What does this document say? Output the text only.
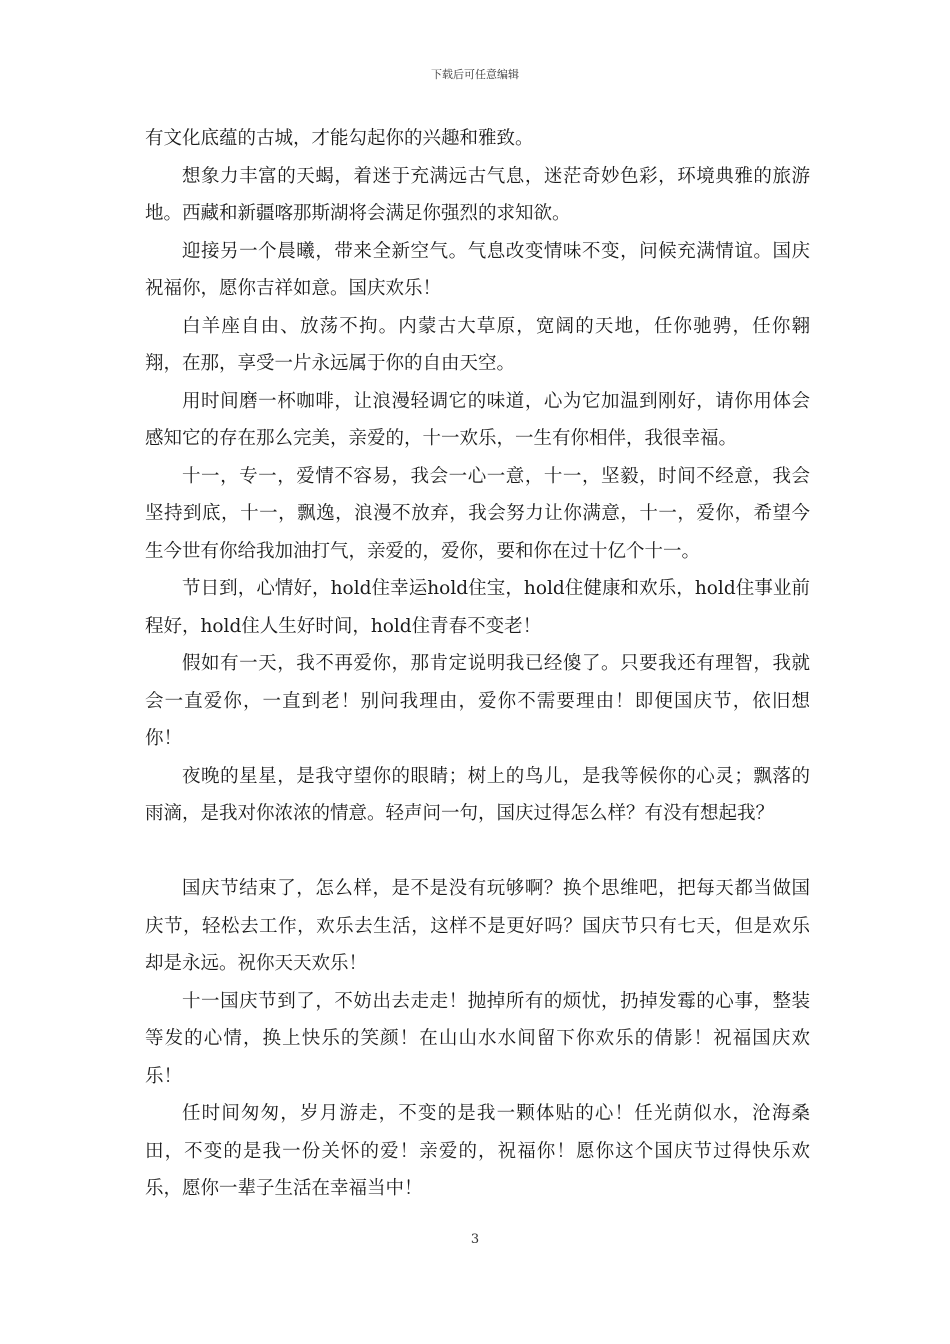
下载后可任意编辑

有文化底蕴的古城，才能勾起你的兴趣和雅致。

想象力丰富的天蝎，着迷于充满远古气息，迷茫奇妙色彩，环境典雅的旅游地。西藏和新疆喀那斯湖将会满足你强烈的求知欲。

迎接另一个晨曦，带来全新空气。气息改变情味不变，问候充满情谊。国庆祝福你，愿你吉祥如意。国庆欢乐！

白羊座自由、放荡不拘。内蒙古大草原，宽阔的天地，任你驰骋，任你翱翔，在那，享受一片永远属于你的自由天空。

用时间磨一杯咖啡，让浪漫轻调它的味道，心为它加温到刚好，请你用体会感知它的存在那么完美，亲爱的，十一欢乐，一生有你相伴，我很幸福。

十一，专一，爱情不容易，我会一心一意，十一，坚毅，时间不经意，我会坚持到底，十一，飘逸，浪漫不放弃，我会努力让你满意，十一，爱你，希望今生今世有你给我加油打气，亲爱的，爱你，要和你在过十亿个十一。

节日到，心情好，hold住幸运hold住宝，hold住健康和欢乐，hold住事业前程好，hold住人生好时间，hold住青春不变老！

假如有一天，我不再爱你，那肯定说明我已经傻了。只要我还有理智，我就会一直爱你，一直到老！别问我理由，爱你不需要理由！即便国庆节，依旧想你！

夜晚的星星，是我守望你的眼睛；树上的鸟儿，是我等候你的心灵；飘落的雨滴，是我对你浓浓的情意。轻声问一句，国庆过得怎么样？有没有想起我？

国庆节结束了，怎么样，是不是没有玩够啊？换个思维吧，把每天都当做国庆节，轻松去工作，欢乐去生活，这样不是更好吗？国庆节只有七天，但是欢乐却是永远。祝你天天欢乐！

十一国庆节到了，不妨出去走走！抛掉所有的烦忧，扔掉发霉的心事，整装等发的心情，换上快乐的笑颜！在山山水水间留下你欢乐的倩影！祝福国庆欢乐！

任时间匆匆，岁月游走，不变的是我一颗体贴的心！任光荫似水，沧海桑田，不变的是我一份关怀的爱！亲爱的，祝福你！愿你这个国庆节过得快乐欢乐，愿你一辈子生活在幸福当中！

3
